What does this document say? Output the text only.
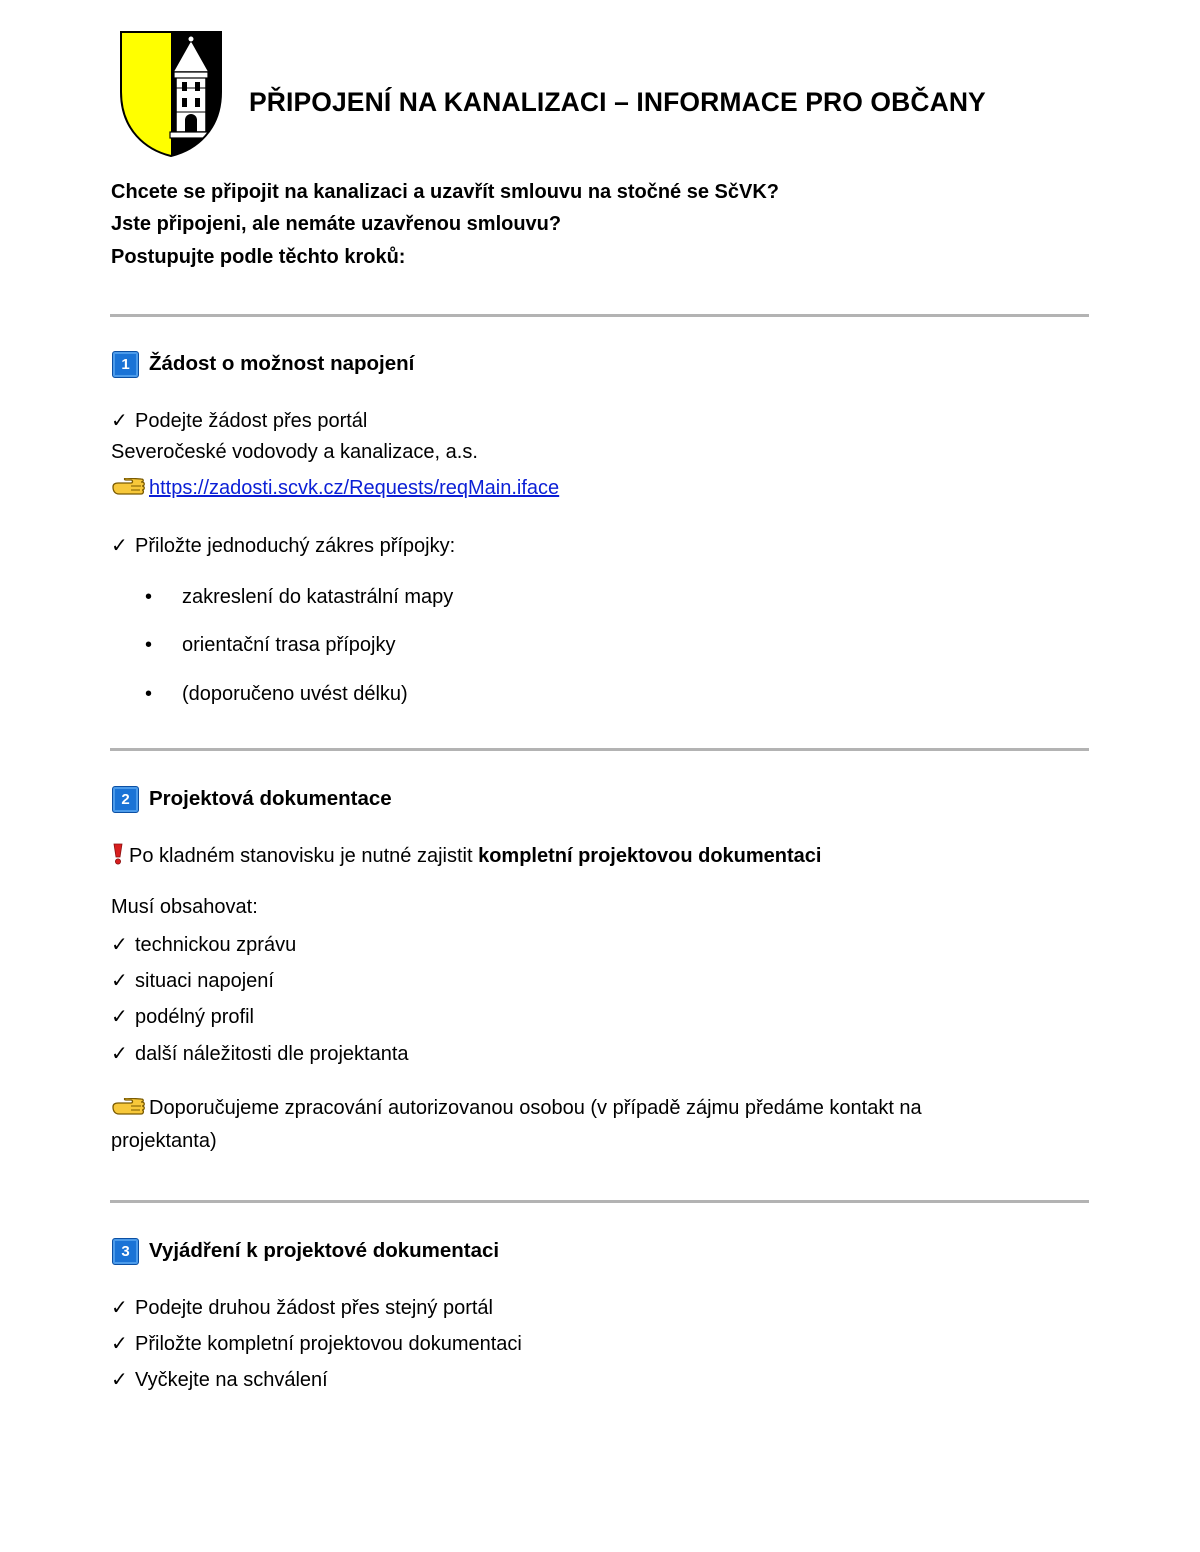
PŘIPOJENÍ NA KANALIZACI – INFORMACE PRO OBČANY
Chcete se připojit na kanalizaci a uzavřít smlouvu na stočné se SčVK?
Jste připojeni, ale nemáte uzavřenou smlouvu?
Postupujte podle těchto kroků:
1 Žádost o možnost napojení
✓ Podejte žádost přes portál
Severočeské vodovody a kanalizace, a.s.
https://zadosti.scvk.cz/Requests/reqMain.iface
✓ Přiložte jednoduchý zákres přípojky:
• zakreslení do katastrální mapy
• orientační trasa přípojky
• (doporučeno uvést délku)
2 Projektová dokumentace
Po kladném stanovisku je nutné zajistit kompletní projektovou dokumentaci
Musí obsahovat:
✓ technickou zprávu
✓ situaci napojení
✓ podélný profil
✓ další náležitosti dle projektanta
Doporučujeme zpracování autorizovanou osobou (v případě zájmu předáme kontakt na
projektanta)
3 Vyjádření k projektové dokumentaci
✓ Podejte druhou žádost přes stejný portál
✓ Přiložte kompletní projektovou dokumentaci
✓ Vyčkejte na schválení
